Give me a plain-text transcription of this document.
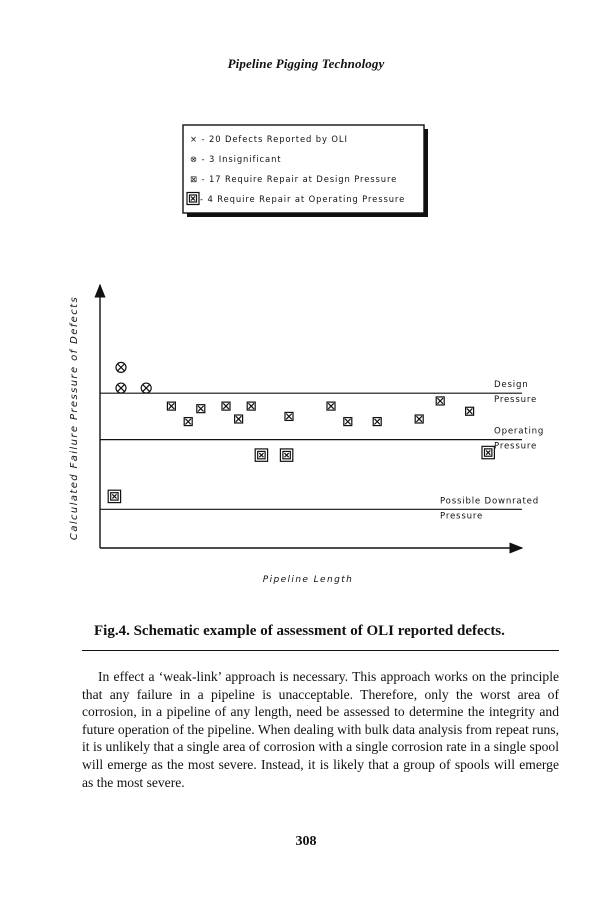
Pipeline Pigging Technology
× - 20 Defects Reported by OLI
⊗ - 3 Insignificant
⊠ - 17 Require Repair at Design Pressure
- 4 Require Repair at Operating Pressure
Calculated Failure Pressure of Defects
Pipeline Length
Design
Pressure
Operating
Pressure
Possible Downrated
Pressure
Fig.4. Schematic example of assessment of OLI reported defects.

In effect a ‘weak-link’ approach is necessary. This approach works on the principle that any failure in a pipeline is unacceptable. Therefore, only the worst area of corrosion, in a pipeline of any length, need be assessed to determine the integrity and future operation of the pipeline. When dealing with bulk data analysis from repeat runs, it is unlikely that a single area of corrosion with a single corrosion rate in a single spool will emerge as the most severe. Instead, it is likely that a group of spools will emerge as the most severe.

308
